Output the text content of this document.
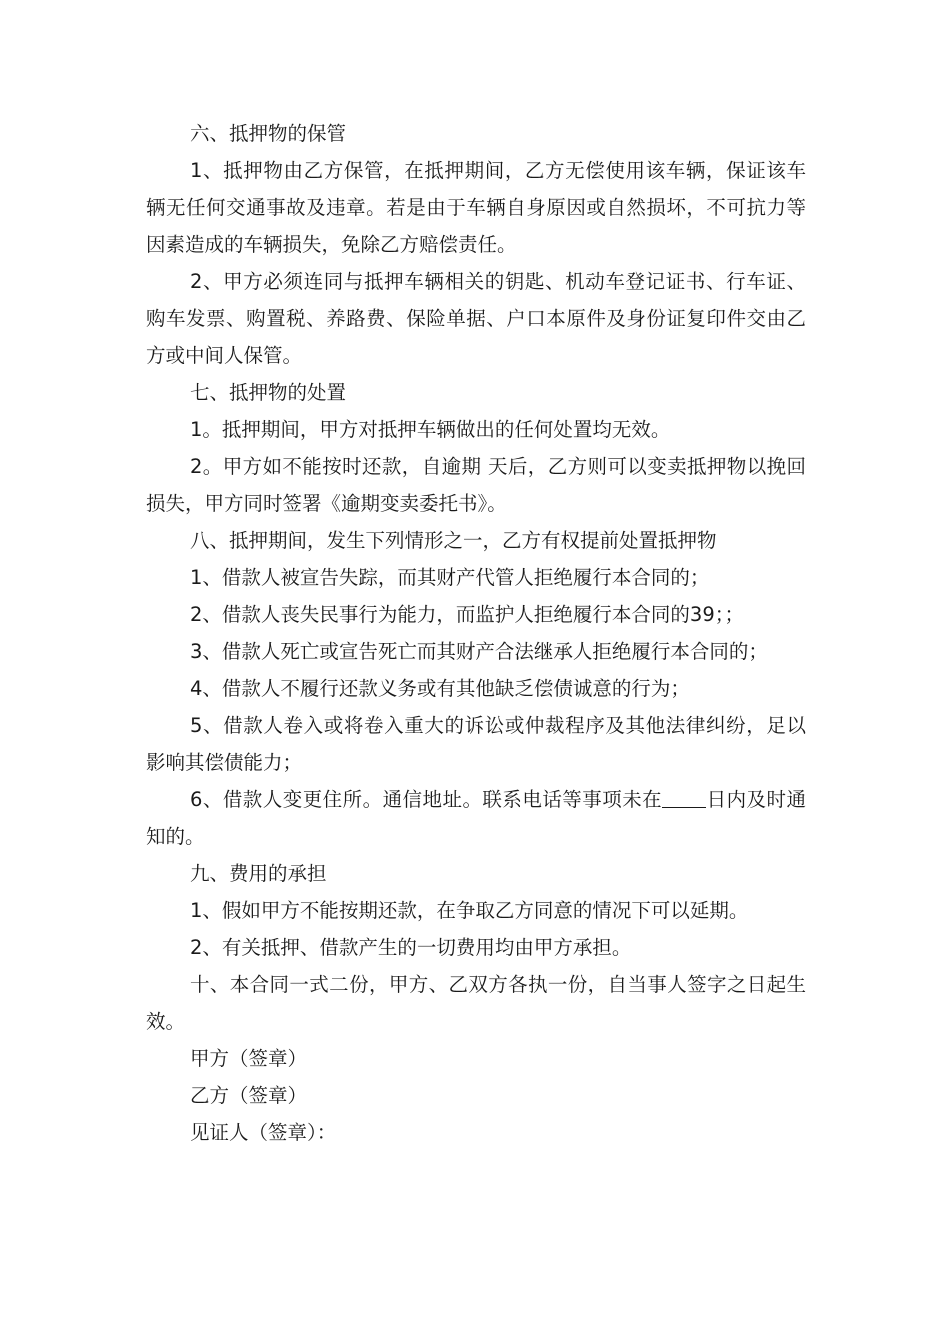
六、抵押物的保管

1、抵押物由乙方保管，在抵押期间，乙方无偿使用该车辆，保证该车辆无任何交通事故及违章。若是由于车辆自身原因或自然损坏，不可抗力等因素造成的车辆损失，免除乙方赔偿责任。

2、甲方必须连同与抵押车辆相关的钥匙、机动车登记证书、行车证、购车发票、购置税、养路费、保险单据、户口本原件及身份证复印件交由乙方或中间人保管。

七、抵押物的处置

1。抵押期间，甲方对抵押车辆做出的任何处置均无效。

2。甲方如不能按时还款，自逾期 天后，乙方则可以变卖抵押物以挽回损失，甲方同时签署《逾期变卖委托书》。

八、抵押期间，发生下列情形之一，乙方有权提前处置抵押物

1、借款人被宣告失踪，而其财产代管人拒绝履行本合同的；

2、借款人丧失民事行为能力，而监护人拒绝履行本合同的39；；

3、借款人死亡或宣告死亡而其财产合法继承人拒绝履行本合同的；

4、借款人不履行还款义务或有其他缺乏偿债诚意的行为；

5、借款人卷入或将卷入重大的诉讼或仲裁程序及其他法律纠纷，足以影响其偿债能力；

6、借款人变更住所。通信地址。联系电话等事项未在 日内及时通知的。

九、费用的承担

1、假如甲方不能按期还款，在争取乙方同意的情况下可以延期。

2、有关抵押、借款产生的一切费用均由甲方承担。

十、本合同一式二份，甲方、乙双方各执一份，自当事人签字之日起生效。

甲方（签章）

乙方（签章）

见证人（签章）：
